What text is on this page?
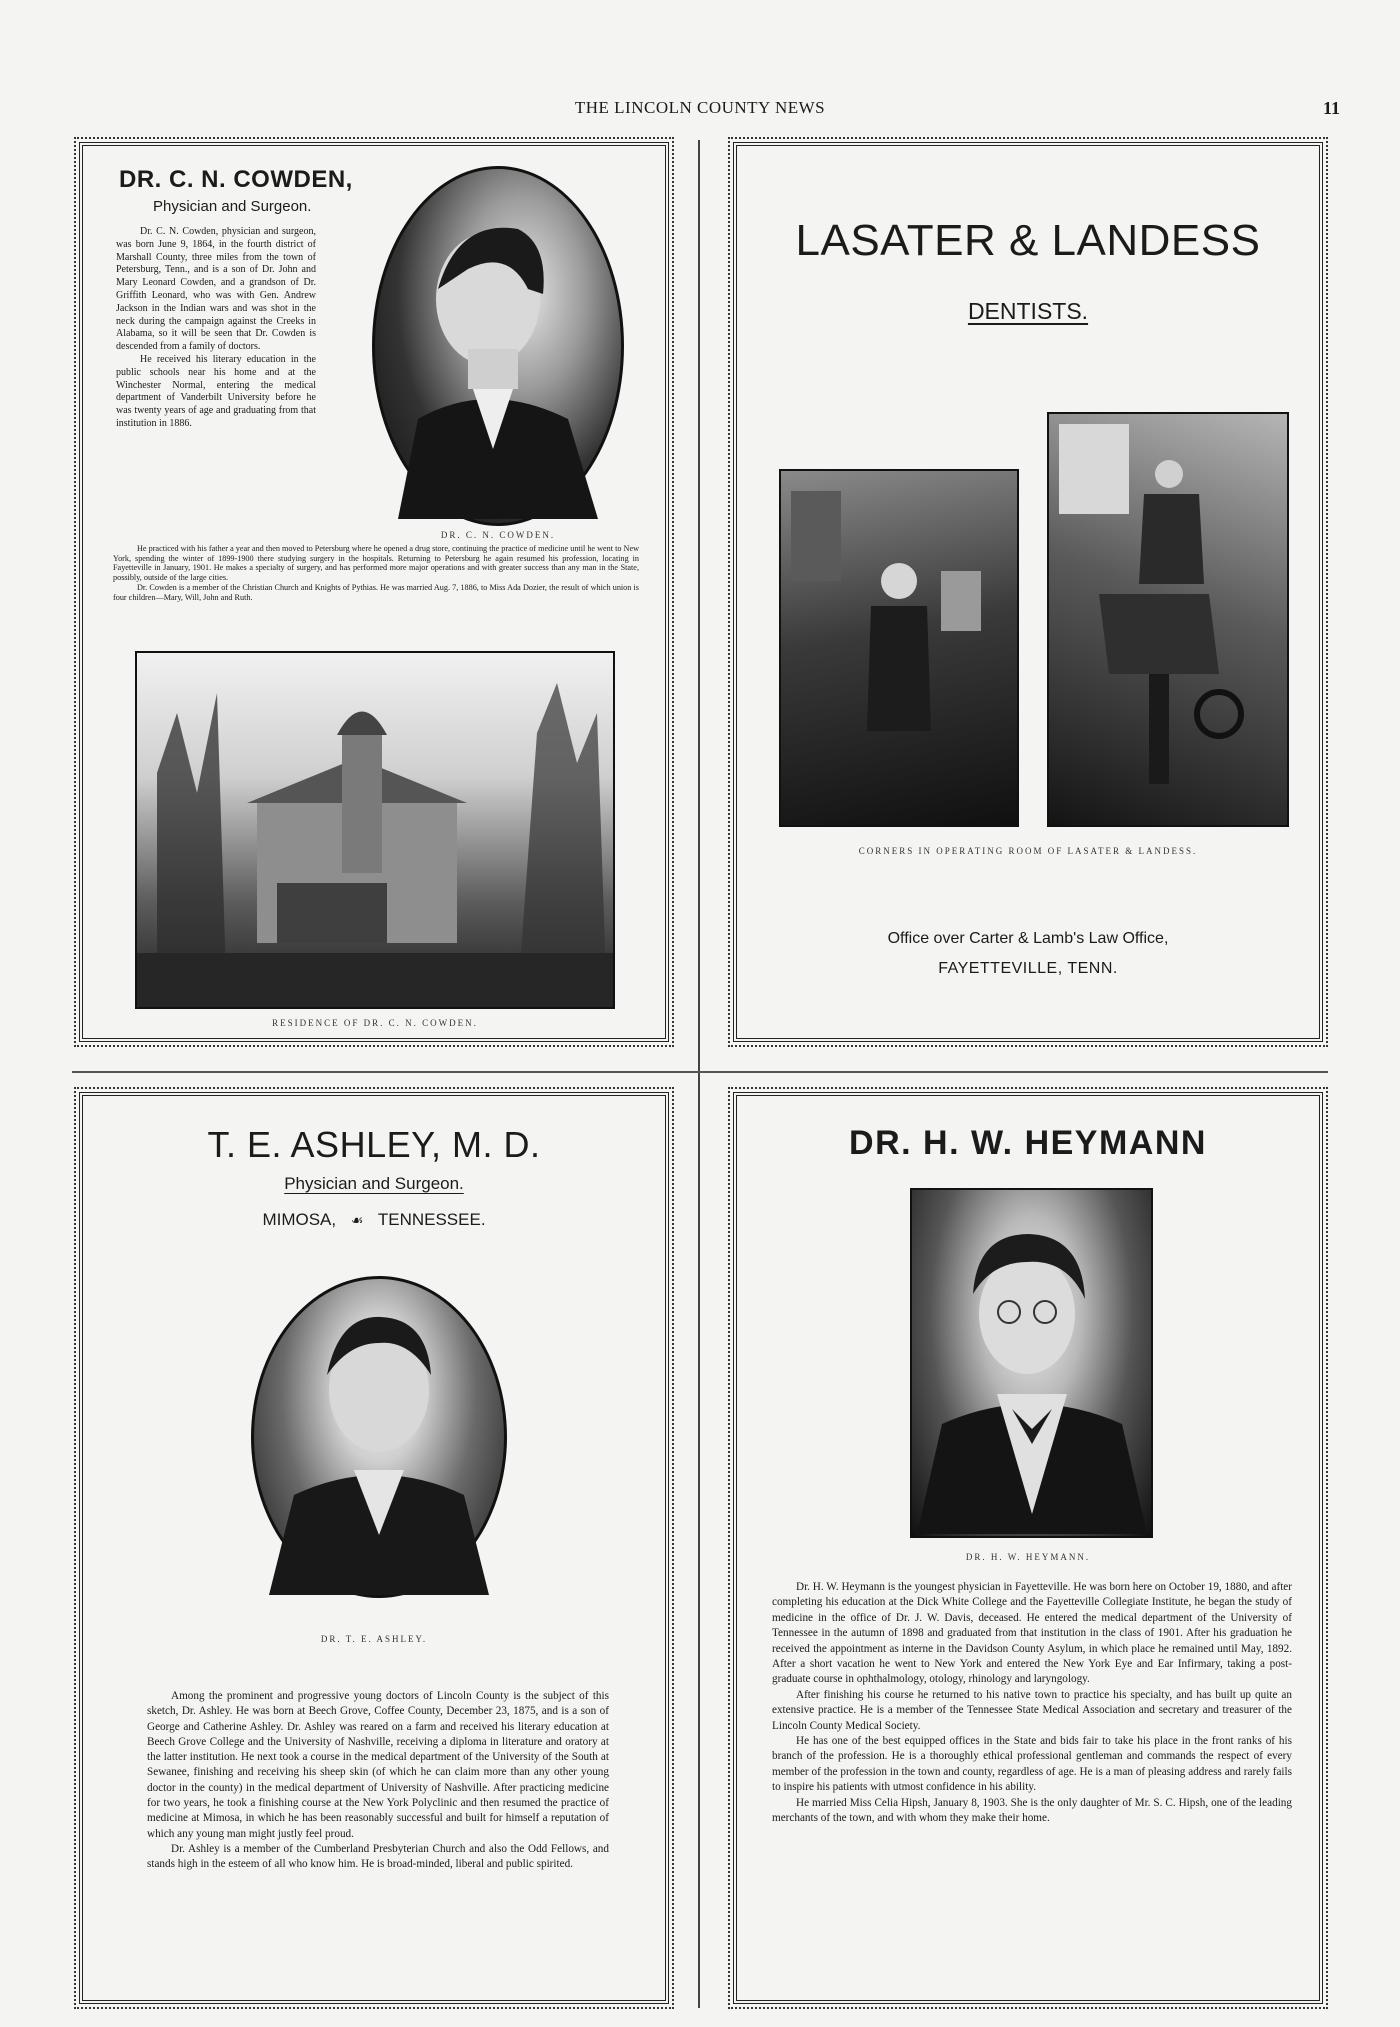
THE LINCOLN COUNTY NEWS	11
DR. C. N. COWDEN,
Physician and Surgeon.

Dr. C. N. Cowden, physician and surgeon, was born June 9, 1864, in the fourth district of Marshall County, three miles from the town of Petersburg, Tenn., and is a son of Dr. John and Mary Leonard Cowden, and a grandson of Dr. Griffith Leonard, who was with Gen. Andrew Jackson in the Indian wars and was shot in the neck during the campaign against the Creeks in Alabama, so it will be seen that Dr. Cowden is descended from a family of doctors.

He received his literary education in the public schools near his home and at the Winchester Normal, entering the medical department of Vanderbilt University before he was twenty years of age and graduating from that institution in 1886.

DR. C. N. COWDEN.

He practiced with his father a year and then moved to Petersburg where he opened a drug store, continuing the practice of medicine until he went to New York, spending the winter of 1899-1900 there studying surgery in the hospitals. Returning to Petersburg he again resumed his profession, locating in Fayetteville in January, 1901. He makes a specialty of surgery, and has performed more major operations and with greater success than any man in the State, possibly, outside of the large cities.

Dr. Cowden is a member of the Christian Church and Knights of Pythias. He was married Aug. 7, 1886, to Miss Ada Dozier, the result of which union is four children—Mary, Will, John and Ruth.

RESIDENCE OF DR. C. N. COWDEN.
LASATER & LANDESS
DENTISTS.
CORNERS IN OPERATING ROOM OF LASATER & LANDESS.
Office over Carter & Lamb's Law Office,
FAYETTEVILLE, TENN.
T. E. ASHLEY, M. D.
Physician and Surgeon.
MIMOSA, ☙ TENNESSEE.
DR. T. E. ASHLEY.

Among the prominent and progressive young doctors of Lincoln County is the subject of this sketch, Dr. Ashley. He was born at Beech Grove, Coffee County, December 23, 1875, and is a son of George and Catherine Ashley. Dr. Ashley was reared on a farm and received his literary education at Beech Grove College and the University of Nashville, receiving a diploma in literature and oratory at the latter institution. He next took a course in the medical department of the University of the South at Sewanee, finishing and receiving his sheep skin (of which he can claim more than any other young doctor in the county) in the medical department of University of Nashville. After practicing medicine for two years, he took a finishing course at the New York Polyclinic and then resumed the practice of medicine at Mimosa, in which he has been reasonably successful and built for himself a reputation of which any young man might justly feel proud.

Dr. Ashley is a member of the Cumberland Presbyterian Church and also the Odd Fellows, and stands high in the esteem of all who know him. He is broad-minded, liberal and public spirited.

DR. H. W. HEYMANN
DR. H. W. HEYMANN.

Dr. H. W. Heymann is the youngest physician in Fayetteville. He was born here on October 19, 1880, and after completing his education at the Dick White College and the Fayetteville Collegiate Institute, he began the study of medicine in the office of Dr. J. W. Davis, deceased. He entered the medical department of the University of Tennessee in the autumn of 1898 and graduated from that institution in the class of 1901. After his graduation he received the appointment as interne in the Davidson County Asylum, in which place he remained until May, 1892. After a short vacation he went to New York and entered the New York Eye and Ear Infirmary, taking a post-graduate course in ophthalmology, otology, rhinology and laryngology.

After finishing his course he returned to his native town to practice his specialty, and has built up quite an extensive practice. He is a member of the Tennessee State Medical Association and secretary and treasurer of the Lincoln County Medical Society.

He has one of the best equipped offices in the State and bids fair to take his place in the front ranks of his branch of the profession. He is a thoroughly ethical professional gentleman and commands the respect of every member of the profession in the town and county, regardless of age. He is a man of pleasing address and rarely fails to inspire his patients with utmost confidence in his ability.

He married Miss Celia Hipsh, January 8, 1903. She is the only daughter of Mr. S. C. Hipsh, one of the leading merchants of the town, and with whom they make their home.
